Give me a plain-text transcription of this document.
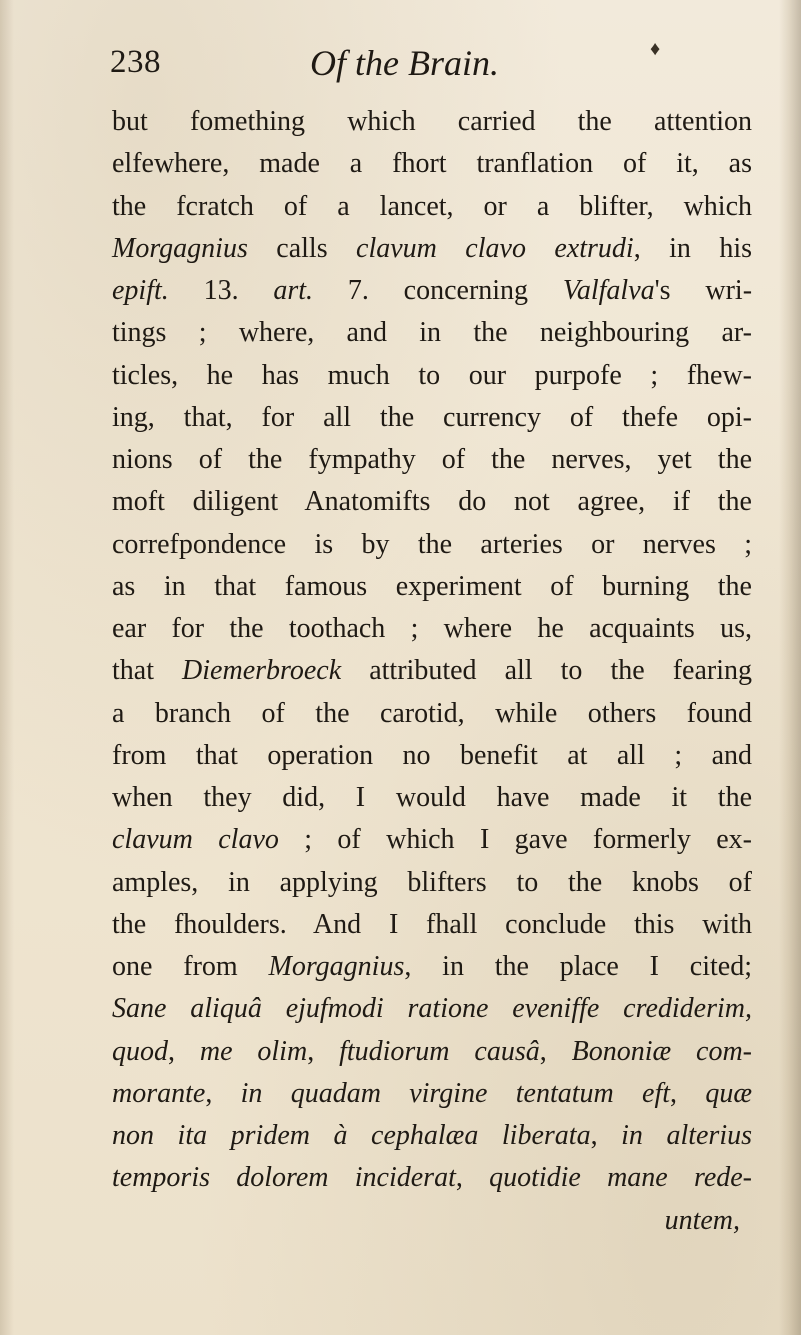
238	Of the Brain.	♦
but fomething which carried the attention
elfewhere, made a fhort tranflation of it, as
the fcratch of a lancet, or a blifter, which
Morgagnius calls clavum clavo extrudi, in his
epift. 13. art. 7. concerning Valfalva's wri-
tings ; where, and in the neighbouring ar-
ticles, he has much to our purpofe ; fhew-
ing, that, for all the currency of thefe opi-
nions of the fympathy of the nerves, yet the
moft diligent Anatomifts do not agree, if the
correfpondence is by the arteries or nerves ;
as in that famous experiment of burning the
ear for the toothach ; where he acquaints us,
that Diemerbroeck attributed all to the fearing
a branch of the carotid, while others found
from that operation no benefit at all ; and
when they did, I would have made it the
clavum clavo ; of which I gave formerly ex-
amples, in applying blifters to the knobs of
the fhoulders. And I fhall conclude this with
one from Morgagnius, in the place I cited;
Sane aliquâ ejufmodi ratione eveniffe crediderim,
quod, me olim, ftudiorum causâ, Bononiæ com-
morante, in quadam virgine tentatum eft, quæ
non ita pridem à cephalæa liberata, in alterius
temporis dolorem inciderat, quotidie mane rede-
untem,
